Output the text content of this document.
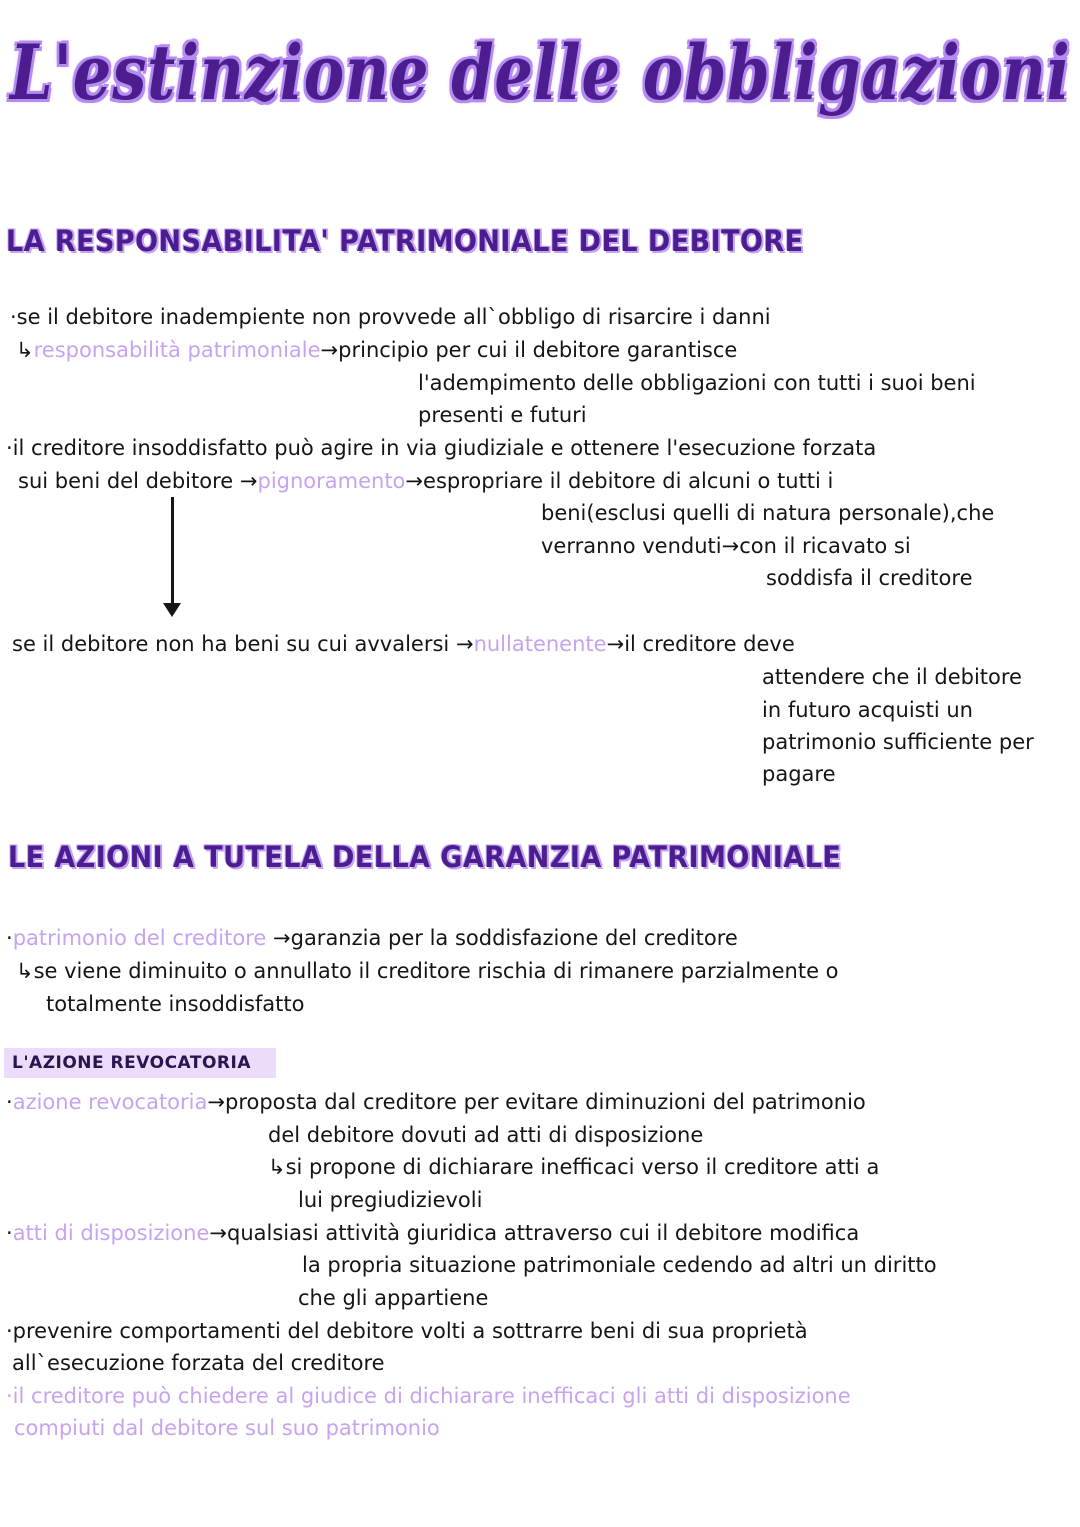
L'estinzione delle obbligazioni
LA RESPONSABILITA' PATRIMONIALE DEL DEBITORE
·se il debitore inadempiente non provvede all`obbligo di risarcire i danni
↳responsabilità patrimoniale→principio per cui il debitore garantisce
l'adempimento delle obbligazioni con tutti i suoi beni
presenti e futuri
·il creditore insoddisfatto può agire in via giudiziale e ottenere l'esecuzione forzata
sui beni del debitore →pignoramento→espropriare il debitore di alcuni o tutti i
beni(esclusi quelli di natura personale),che
verranno venduti→con il ricavato si
soddisfa il creditore
se il debitore non ha beni su cui avvalersi →nullatenente→il creditore deve
attendere che il debitore
in futuro acquisti un
patrimonio sufficiente per
pagare
LE AZIONI A TUTELA DELLA GARANZIA PATRIMONIALE
·patrimonio del creditore →garanzia per la soddisfazione del creditore
↳se viene diminuito o annullato il creditore rischia di rimanere parzialmente o
totalmente insoddisfatto
L'AZIONE REVOCATORIA
·azione revocatoria→proposta dal creditore per evitare diminuzioni del patrimonio
del debitore dovuti ad atti di disposizione
↳si propone di dichiarare inefficaci verso il creditore atti a
lui pregiudizievoli
·atti di disposizione→qualsiasi attività giuridica attraverso cui il debitore modifica
la propria situazione patrimoniale cedendo ad altri un diritto
che gli appartiene
·prevenire comportamenti del debitore volti a sottrarre beni di sua proprietà
all`esecuzione forzata del creditore
·il creditore può chiedere al giudice di dichiarare inefficaci gli atti di disposizione
compiuti dal debitore sul suo patrimonio
